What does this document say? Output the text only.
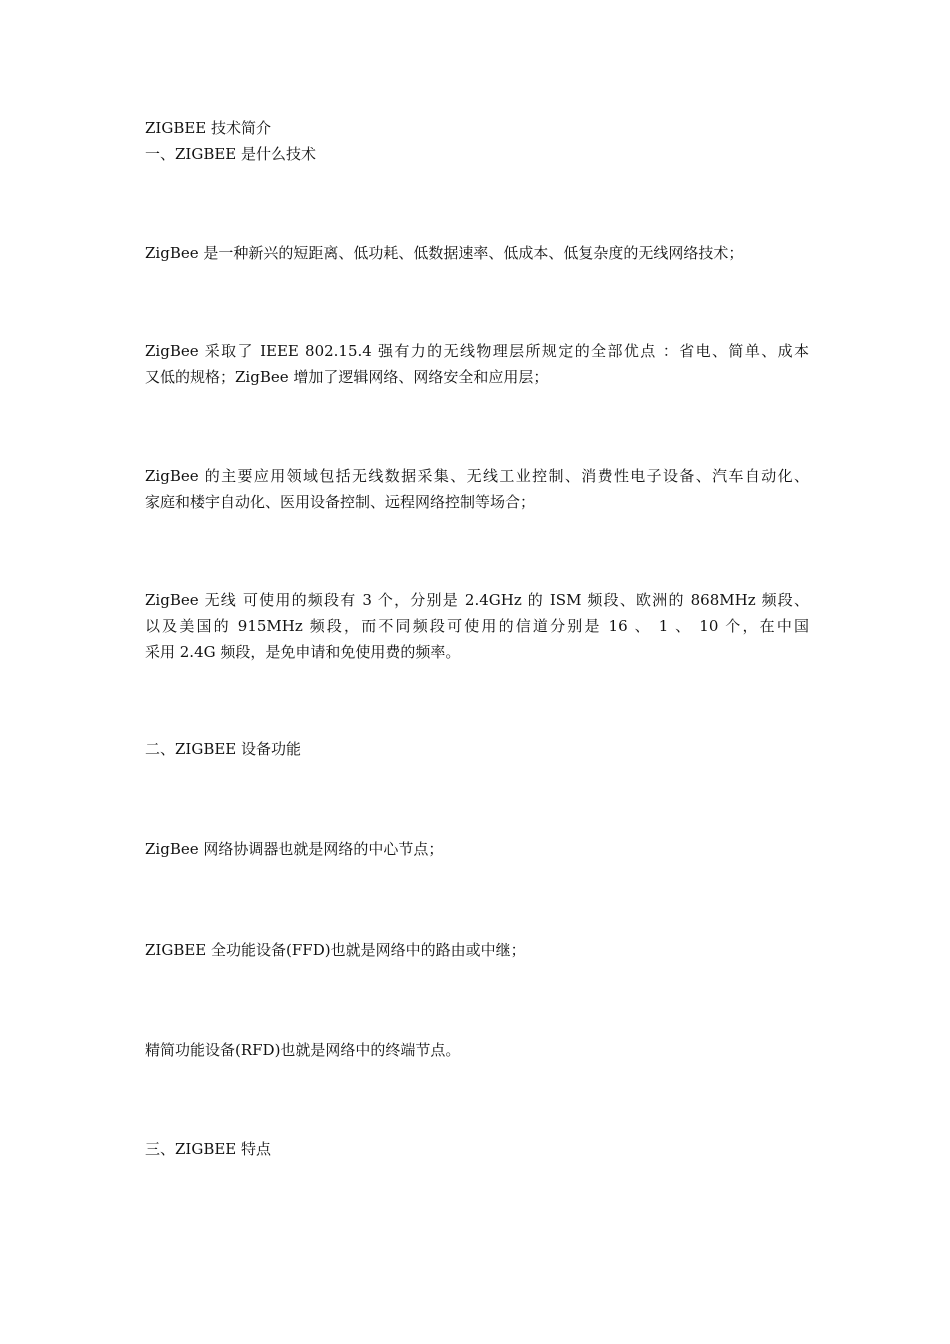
ZIGBEE 技术简介
一、ZIGBEE 是什么技术
ZigBee 是一种新兴的短距离、低功耗、低数据速率、低成本、低复杂度的无线网络技术；
ZigBee 采取了 IEEE 802.15.4 强有力的无线物理层所规定的全部优点 ：省电、简单、成本
又低的规格；ZigBee 增加了逻辑网络、网络安全和应用层；
ZigBee 的主要应用领域包括无线数据采集、无线工业控制、消费性电子设备、汽车自动化、
家庭和楼宇自动化、医用设备控制、远程网络控制等场合；
ZigBee 无线 可使用的频段有 3 个，分别是 2.4GHz 的 ISM 频段、欧洲的 868MHz 频段、
以及美国的 915MHz 频段，而不同频段可使用的信道分别是 16 、 1 、 10 个，在中国
采用 2.4G 频段，是免申请和免使用费的频率。
二、ZIGBEE 设备功能
ZigBee 网络协调器也就是网络的中心节点；
ZIGBEE 全功能设备(FFD)也就是网络中的路由或中继；
精简功能设备(RFD)也就是网络中的终端节点。
三、ZIGBEE 特点
